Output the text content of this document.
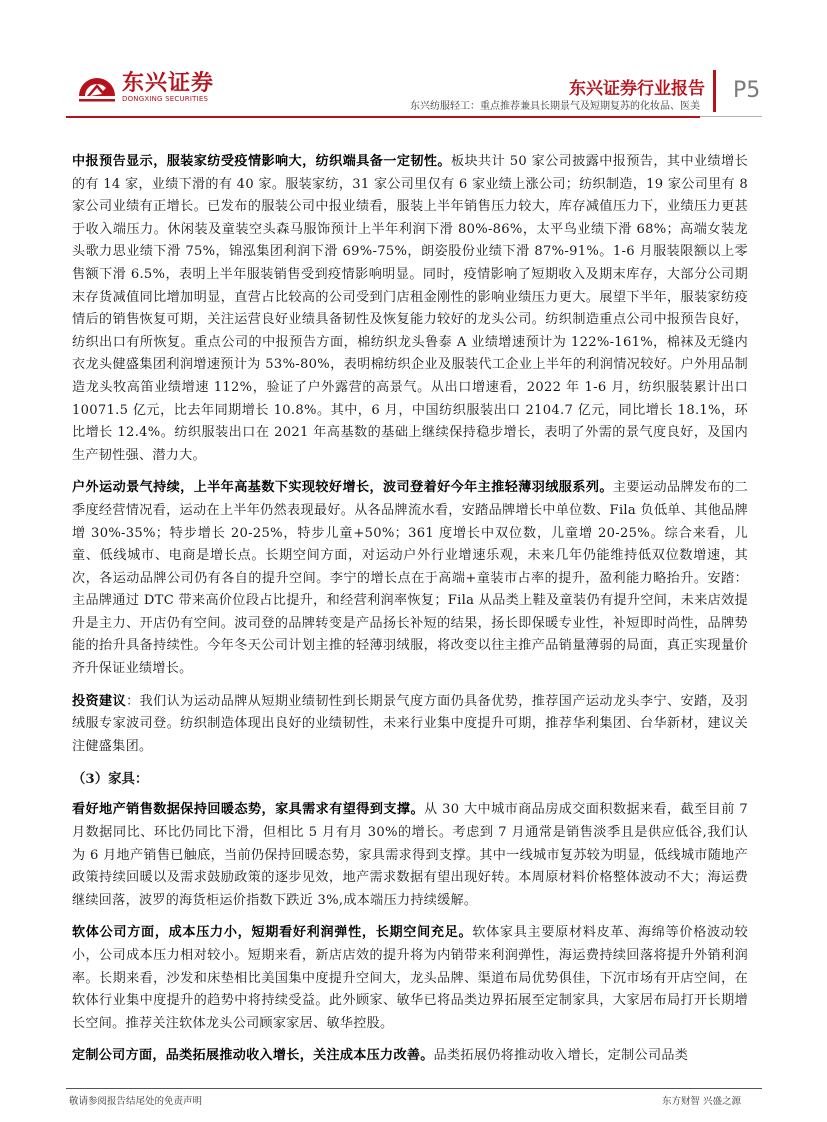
东兴证券
DONGXING SECURITIES	东兴证券行业报告 P5
东兴纺服轻工：重点推荐兼具长期景气及短期复苏的化妆品、医美

中报预告显示，服装家纺受疫情影响大，纺织端具备一定韧性。板块共计 50 家公司披露中报预告，其中业绩增长的有 14 家，业绩下滑的有 40 家。服装家纺，31 家公司里仅有 6 家业绩上涨公司；纺织制造，19 家公司里有 8 家公司业绩有正增长。已发布的服装公司中报业绩看，服装上半年销售压力较大，库存减值压力下，业绩压力更甚于收入端压力。休闲装及童装空头森马服饰预计上半年利润下滑 80%-86%，太平鸟业绩下滑 68%；高端女装龙头歌力思业绩下滑 75%，锦泓集团利润下滑 69%-75%，朗姿股份业绩下滑 87%-91%。1-6 月服装限额以上零售额下滑 6.5%，表明上半年服装销售受到疫情影响明显。同时，疫情影响了短期收入及期末库存，大部分公司期末存货减值同比增加明显，直营占比较高的公司受到门店租金刚性的影响业绩压力更大。展望下半年，服装家纺疫情后的销售恢复可期，关注运营良好业绩具备韧性及恢复能力较好的龙头公司。纺织制造重点公司中报预告良好，纺织出口有所恢复。重点公司的中报预告方面，棉纺织龙头鲁泰 A 业绩增速预计为 122%-161%，棉袜及无缝内衣龙头健盛集团利润增速预计为 53%-80%，表明棉纺织企业及服装代工企业上半年的利润情况较好。户外用品制造龙头牧高笛业绩增速 112%，验证了户外露营的高景气。从出口增速看，2022 年 1-6 月，纺织服装累计出口 10071.5 亿元，比去年同期增长 10.8%。其中，6 月，中国纺织服装出口 2104.7 亿元，同比增长 18.1%，环比增长 12.4%。纺织服装出口在 2021 年高基数的基础上继续保持稳步增长，表明了外需的景气度良好，及国内生产韧性强、潜力大。

户外运动景气持续，上半年高基数下实现较好增长，波司登着好今年主推轻薄羽绒服系列。主要运动品牌发布的二季度经营情况看，运动在上半年仍然表现最好。从各品牌流水看，安踏品牌增长中单位数、Fila 负低单、其他品牌增 30%-35%；特步增长 20-25%，特步儿童+50%；361 度增长中双位数，儿童增 20-25%。综合来看，儿童、低线城市、电商是增长点。长期空间方面，对运动户外行业增速乐观，未来几年仍能维持低双位数增速，其次，各运动品牌公司仍有各自的提升空间。李宁的增长点在于高端+童装市占率的提升，盈利能力略抬升。安踏：主品牌通过 DTC 带来高价位段占比提升，和经营利润率恢复；Fila 从品类上鞋及童装仍有提升空间，未来店效提升是主力、开店仍有空间。波司登的品牌转变是产品扬长补短的结果，扬长即保暖专业性，补短即时尚性，品牌势能的抬升具备持续性。今年冬天公司计划主推的轻薄羽绒服，将改变以往主推产品销量薄弱的局面，真正实现量价齐升保证业绩增长。

投资建议：我们认为运动品牌从短期业绩韧性到长期景气度方面仍具备优势，推荐国产运动龙头李宁、安踏，及羽绒服专家波司登。纺织制造体现出良好的业绩韧性，未来行业集中度提升可期，推荐华利集团、台华新材，建议关注健盛集团。

（3）家具：

看好地产销售数据保持回暖态势，家具需求有望得到支撑。从 30 大中城市商品房成交面积数据来看，截至目前 7 月数据同比、环比仍同比下滑，但相比 5 月有月 30%的增长。考虑到 7 月通常是销售淡季且是供应低谷,我们认为 6 月地产销售已触底，当前仍保持回暖态势，家具需求得到支撑。其中一线城市复苏较为明显，低线城市随地产政策持续回暖以及需求鼓励政策的逐步见效，地产需求数据有望出现好转。本周原材料价格整体波动不大；海运费继续回落，波罗的海货柜运价指数下跌近 3%,成本端压力持续缓解。

软体公司方面，成本压力小，短期看好利润弹性，长期空间充足。软体家具主要原材料皮革、海绵等价格波动较小，公司成本压力相对较小。短期来看，新店店效的提升将为内销带来利润弹性，海运费持续回落将提升外销利润率。长期来看，沙发和床垫相比美国集中度提升空间大，龙头品牌、渠道布局优势俱佳，下沉市场有开店空间，在软体行业集中度提升的趋势中将持续受益。此外顾家、敏华已将品类边界拓展至定制家具，大家居布局打开长期增长空间。推荐关注软体龙头公司顾家家居、敏华控股。

定制公司方面，品类拓展推动收入增长，关注成本压力改善。品类拓展仍将推动收入增长，定制公司品类

敬请参阅报告结尾处的免责声明	东方财智 兴盛之源
